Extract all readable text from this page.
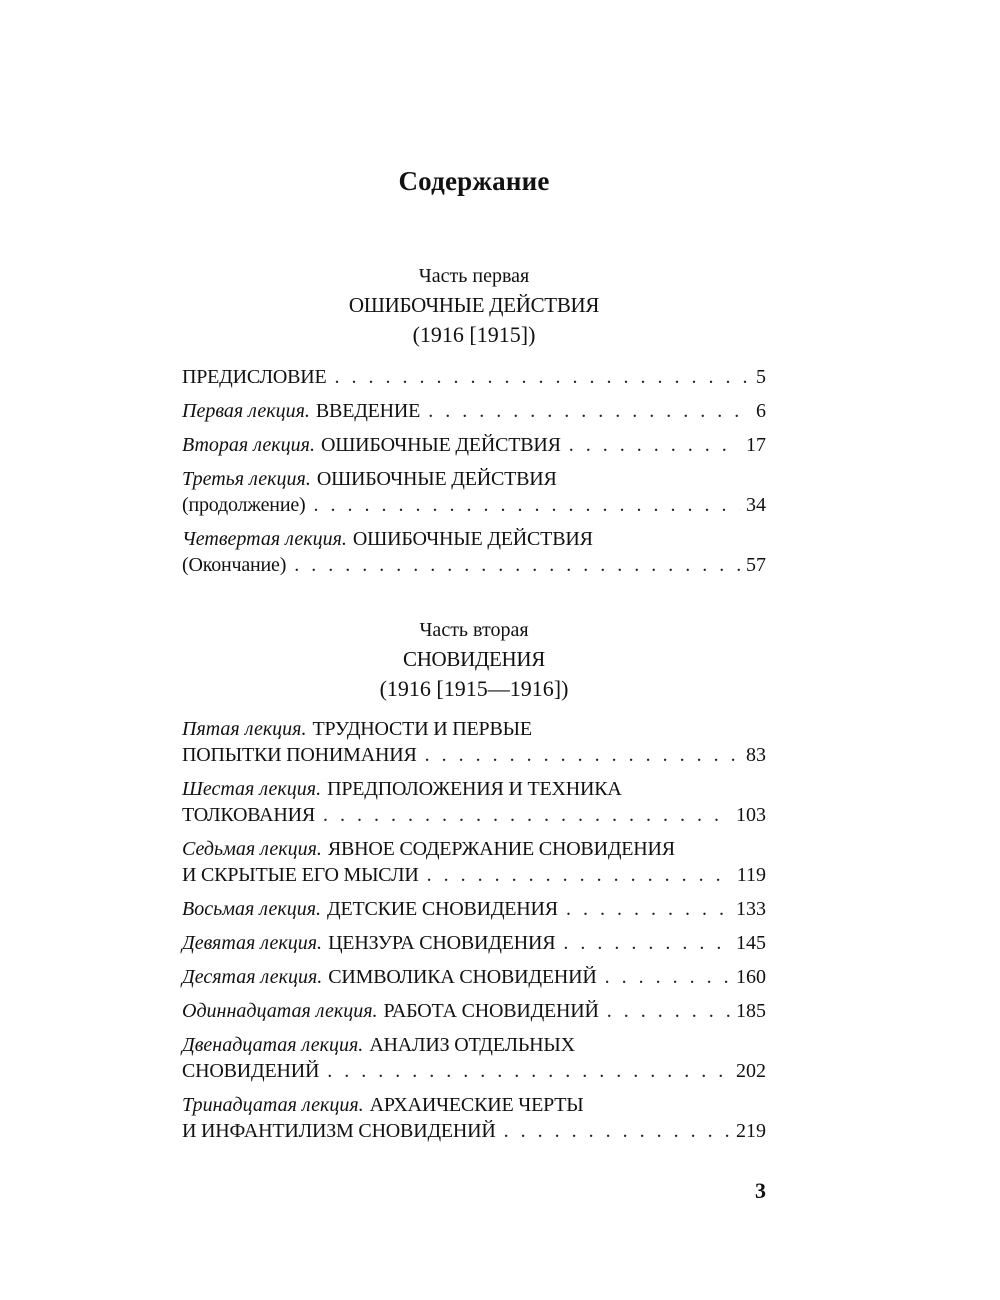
Содержание
Часть первая
ОШИБОЧНЫЕ ДЕЙСТВИЯ
(1916 [1915])
ПРЕДИСЛОВИЕ . . .	5
Первая лекция. ВВЕДЕНИЕ . . .	6
Вторая лекция. ОШИБОЧНЫЕ ДЕЙСТВИЯ . . .	17
Третья лекция. ОШИБОЧНЫЕ ДЕЙСТВИЯ
(продолжение) . . .	34
Четвертая лекция. ОШИБОЧНЫЕ ДЕЙСТВИЯ
(Окончание) . . .	57
Часть вторая
СНОВИДЕНИЯ
(1916 [1915—1916])
Пятая лекция. ТРУДНОСТИ И ПЕРВЫЕ
ПОПЫТКИ ПОНИМАНИЯ . . .	83
Шестая лекция. ПРЕДПОЛОЖЕНИЯ И ТЕХНИКА
ТОЛКОВАНИЯ . . .	103
Седьмая лекция. ЯВНОЕ СОДЕРЖАНИЕ СНОВИДЕНИЯ
И СКРЫТЫЕ ЕГО МЫСЛИ . . .	119
Восьмая лекция. ДЕТСКИЕ СНОВИДЕНИЯ . . .	133
Девятая лекция. ЦЕНЗУРА СНОВИДЕНИЯ . . .	145
Десятая лекция. СИМВОЛИКА СНОВИДЕНИЙ . . .	160
Одиннадцатая лекция. РАБОТА СНОВИДЕНИЙ . . .	185
Двенадцатая лекция. АНАЛИЗ ОТДЕЛЬНЫХ
СНОВИДЕНИЙ . . .	202
Тринадцатая лекция. АРХАИЧЕСКИЕ ЧЕРТЫ
И ИНФАНТИЛИЗМ СНОВИДЕНИЙ . . .	219
3
